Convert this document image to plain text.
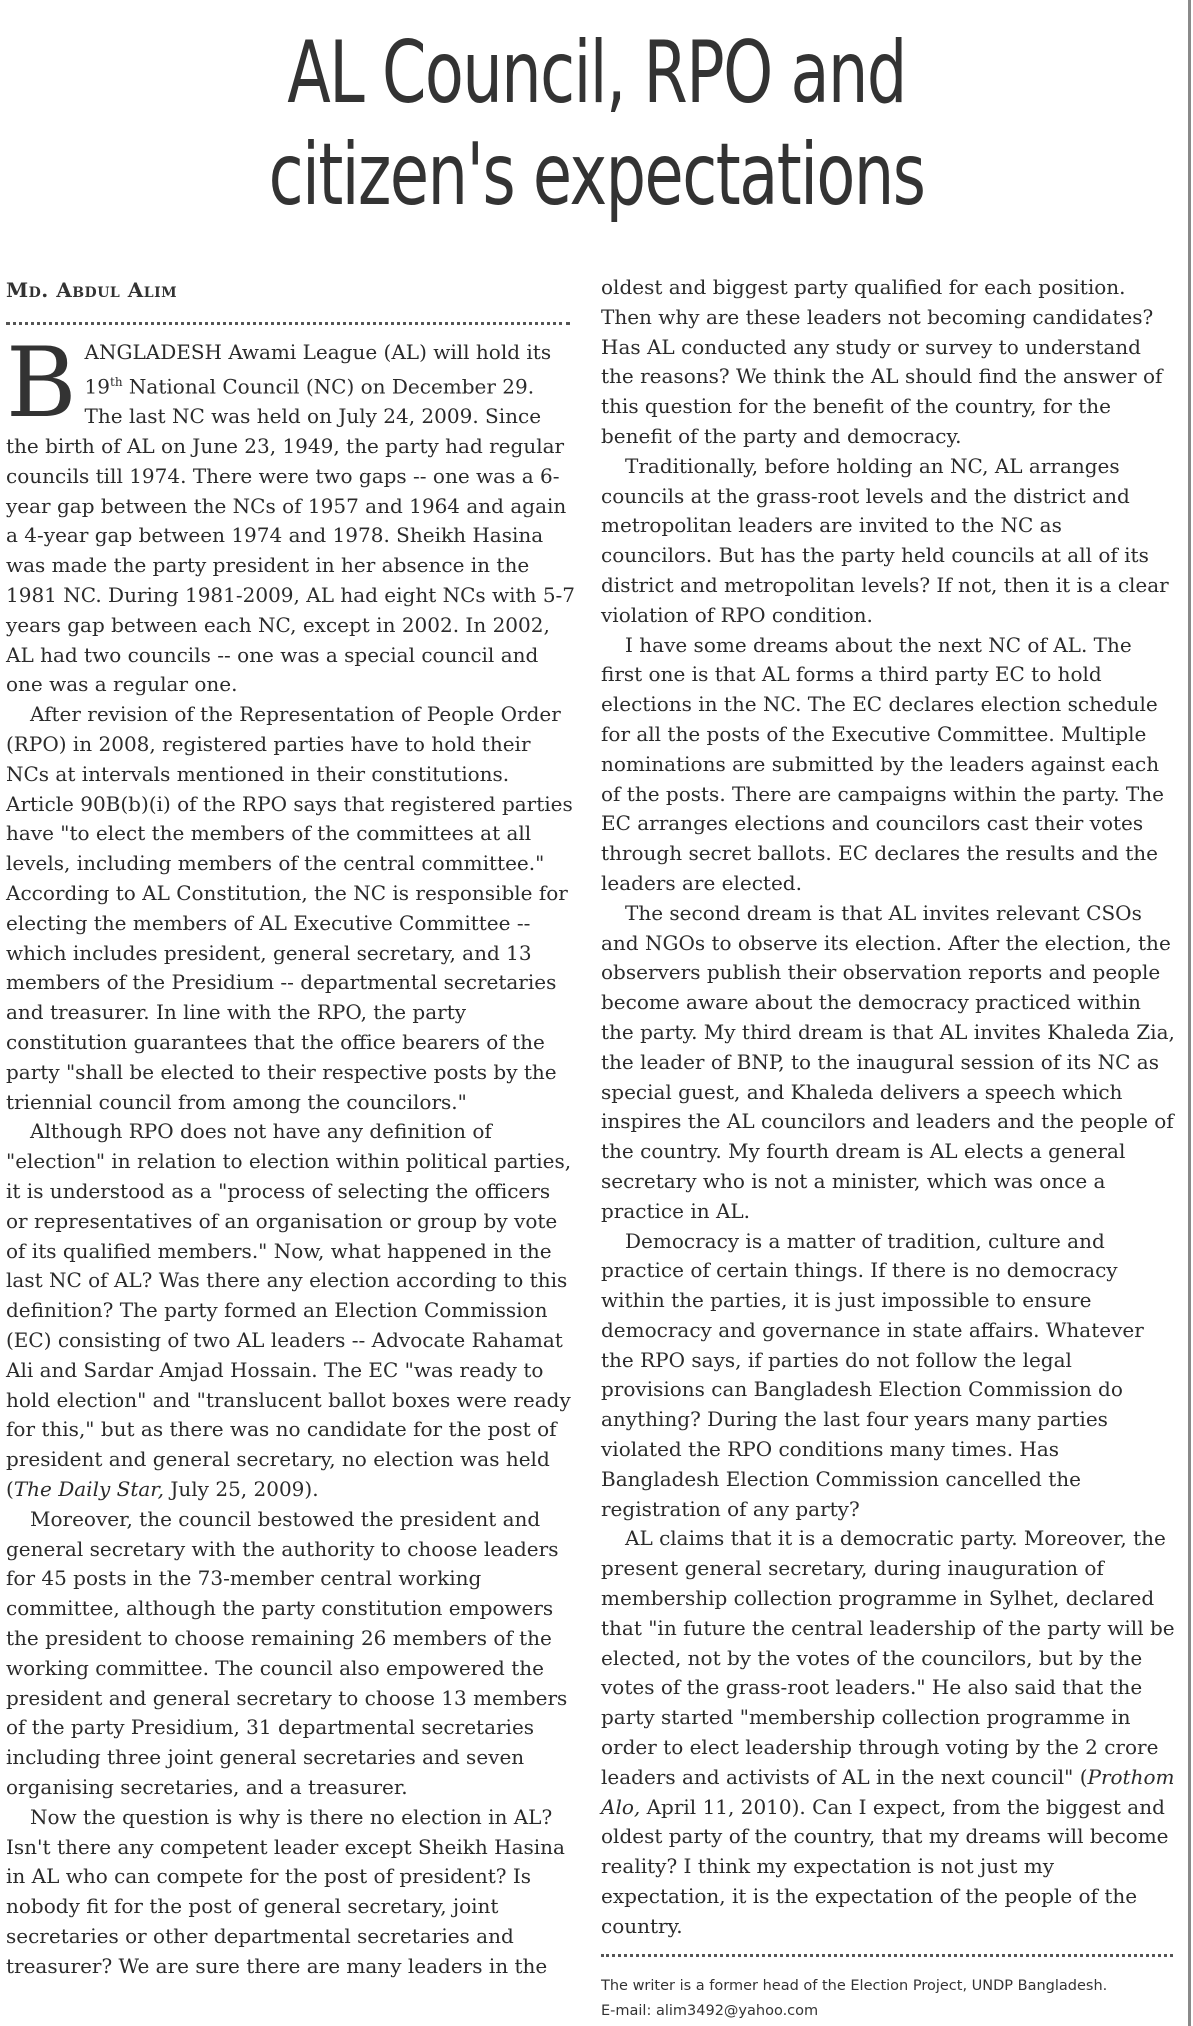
AL Council, RPO and
citizen's expectations
Md. Abdul Alim

BANGLADESH Awami League (AL) will hold its 19th National Council (NC) on December 29. The last NC was held on July 24, 2009. Since the birth of AL on June 23, 1949, the party had regular councils till 1974. There were two gaps -- one was a 6-year gap between the NCs of 1957 and 1964 and again a 4-year gap between 1974 and 1978. Sheikh Hasina was made the party president in her absence in the 1981 NC. During 1981-2009, AL had eight NCs with 5-7 years gap between each NC, except in 2002. In 2002, AL had two councils -- one was a special council and one was a regular one.

After revision of the Representation of People Order (RPO) in 2008, registered parties have to hold their NCs at intervals mentioned in their constitutions. Article 90B(b)(i) of the RPO says that registered parties have "to elect the members of the committees at all levels, including members of the central committee." According to AL Constitution, the NC is responsible for electing the members of AL Executive Committee -- which includes president, general secretary, and 13 members of the Presidium -- departmental secretaries and treasurer. In line with the RPO, the party constitution guarantees that the office bearers of the party "shall be elected to their respective posts by the triennial council from among the councilors."

Although RPO does not have any definition of "election" in relation to election within political parties, it is understood as a "process of selecting the officers or representatives of an organisation or group by vote of its qualified members." Now, what happened in the last NC of AL? Was there any election according to this definition? The party formed an Election Commission (EC) consisting of two AL leaders -- Advocate Rahamat Ali and Sardar Amjad Hossain. The EC "was ready to hold election" and "translucent ballot boxes were ready for this," but as there was no candidate for the post of president and general secretary, no election was held (The Daily Star, July 25, 2009).

Moreover, the council bestowed the president and general secretary with the authority to choose leaders for 45 posts in the 73-member central working committee, although the party constitution empowers the president to choose remaining 26 members of the working committee. The council also empowered the president and general secretary to choose 13 members of the party Presidium, 31 departmental secretaries including three joint general secretaries and seven organising secretaries, and a treasurer.

Now the question is why is there no election in AL? Isn't there any competent leader except Sheikh Hasina in AL who can compete for the post of president? Is nobody fit for the post of general secretary, joint secretaries or other departmental secretaries and treasurer? We are sure there are many leaders in the

oldest and biggest party qualified for each position. Then why are these leaders not becoming candidates? Has AL conducted any study or survey to understand the reasons? We think the AL should find the answer of this question for the benefit of the country, for the benefit of the party and democracy.

Traditionally, before holding an NC, AL arranges councils at the grass-root levels and the district and metropolitan leaders are invited to the NC as councilors. But has the party held councils at all of its district and metropolitan levels? If not, then it is a clear violation of RPO condition.

I have some dreams about the next NC of AL. The first one is that AL forms a third party EC to hold elections in the NC. The EC declares election schedule for all the posts of the Executive Committee. Multiple nominations are submitted by the leaders against each of the posts. There are campaigns within the party. The EC arranges elections and councilors cast their votes through secret ballots. EC declares the results and the leaders are elected.

The second dream is that AL invites relevant CSOs and NGOs to observe its election. After the election, the observers publish their observation reports and people become aware about the democracy practiced within the party. My third dream is that AL invites Khaleda Zia, the leader of BNP, to the inaugural session of its NC as special guest, and Khaleda delivers a speech which inspires the AL councilors and leaders and the people of the country. My fourth dream is AL elects a general secretary who is not a minister, which was once a practice in AL.

Democracy is a matter of tradition, culture and practice of certain things. If there is no democracy within the parties, it is just impossible to ensure democracy and governance in state affairs. Whatever the RPO says, if parties do not follow the legal provisions can Bangladesh Election Commission do anything? During the last four years many parties violated the RPO conditions many times. Has Bangladesh Election Commission cancelled the registration of any party?

AL claims that it is a democratic party. Moreover, the present general secretary, during inauguration of membership collection programme in Sylhet, declared that "in future the central leadership of the party will be elected, not by the votes of the councilors, but by the votes of the grass-root leaders." He also said that the party started "membership collection programme in order to elect leadership through voting by the 2 crore leaders and activists of AL in the next council" (Prothom Alo, April 11, 2010). Can I expect, from the biggest and oldest party of the country, that my dreams will become reality? I think my expectation is not just my expectation, it is the expectation of the people of the country.

The writer is a former head of the Election Project, UNDP Bangladesh.
E-mail: alim3492@yahoo.com
